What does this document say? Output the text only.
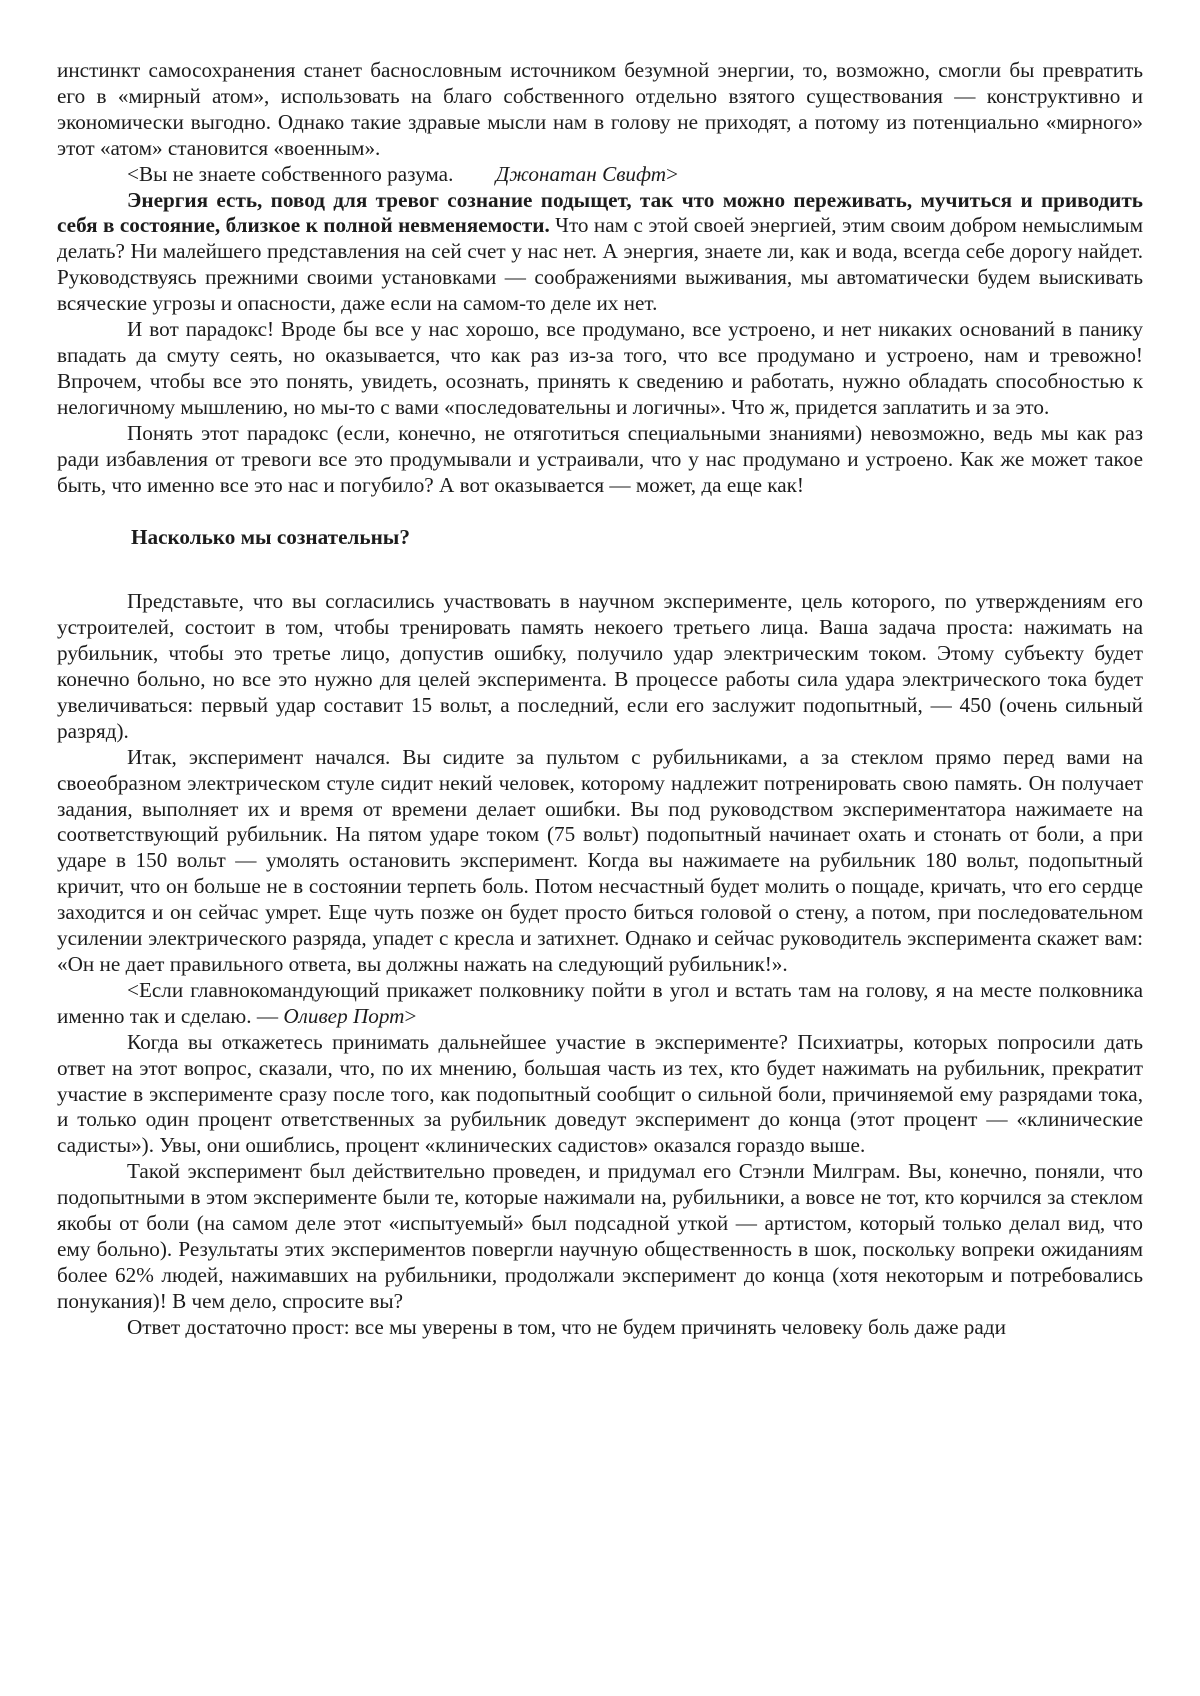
инстинкт самосохранения станет баснословным источником безумной энергии, то, возможно, смогли бы превратить его в «мирный атом», использовать на благо собственного отдельно взятого существования — конструктивно и экономически выгодно. Однако такие здравые мысли нам в голову не приходят, а потому из потенциально «мирного» этот «атом» становится «военным».

<Вы не знаете собственного разума. Джонатан Свифт>

Энергия есть, повод для тревог сознание подыщет, так что можно переживать, мучиться и приводить себя в состояние, близкое к полной невменяемости. Что нам с этой своей энергией, этим своим добром немыслимым делать? Ни малейшего представления на сей счет у нас нет. А энергия, знаете ли, как и вода, всегда себе дорогу найдет. Руководствуясь прежними своими установками — соображениями выживания, мы автоматически будем выискивать всяческие угрозы и опасности, даже если на самом-то деле их нет.

И вот парадокс! Вроде бы все у нас хорошо, все продумано, все устроено, и нет никаких оснований в панику впадать да смуту сеять, но оказывается, что как раз из-за того, что все продумано и устроено, нам и тревожно! Впрочем, чтобы все это понять, увидеть, осознать, принять к сведению и работать, нужно обладать способностью к нелогичному мышлению, но мы-то с вами «последовательны и логичны». Что ж, придется заплатить и за это.

Понять этот парадокс (если, конечно, не отяготиться специальными знаниями) невозможно, ведь мы как раз ради избавления от тревоги все это продумывали и устраивали, что у нас продумано и устроено. Как же может такое быть, что именно все это нас и погубило? А вот оказывается — может, да еще как!

Насколько мы сознательны?

Представьте, что вы согласились участвовать в научном эксперименте, цель которого, по утверждениям его устроителей, состоит в том, чтобы тренировать память некоего третьего лица. Ваша задача проста: нажимать на рубильник, чтобы это третье лицо, допустив ошибку, получило удар электрическим током. Этому субъекту будет конечно больно, но все это нужно для целей эксперимента. В процессе работы сила удара электрического тока будет увеличиваться: первый удар составит 15 вольт, а последний, если его заслужит подопытный, — 450 (очень сильный разряд).

Итак, эксперимент начался. Вы сидите за пультом с рубильниками, а за стеклом прямо перед вами на своеобразном электрическом стуле сидит некий человек, которому надлежит потренировать свою память. Он получает задания, выполняет их и время от времени делает ошибки. Вы под руководством экспериментатора нажимаете на соответствующий рубильник. На пятом ударе током (75 вольт) подопытный начинает охать и стонать от боли, а при ударе в 150 вольт — умолять остановить эксперимент. Когда вы нажимаете на рубильник 180 вольт, подопытный кричит, что он больше не в состоянии терпеть боль. Потом несчастный будет молить о пощаде, кричать, что его сердце заходится и он сейчас умрет. Еще чуть позже он будет просто биться головой о стену, а потом, при последовательном усилении электрического разряда, упадет с кресла и затихнет. Однако и сейчас руководитель эксперимента скажет вам: «Он не дает правильного ответа, вы должны нажать на следующий рубильник!».

<Если главнокомандующий прикажет полковнику пойти в угол и встать там на голову, я на месте полковника именно так и сделаю. — Оливер Порт>

Когда вы откажетесь принимать дальнейшее участие в эксперименте? Психиатры, которых попросили дать ответ на этот вопрос, сказали, что, по их мнению, большая часть из тех, кто будет нажимать на рубильник, прекратит участие в эксперименте сразу после того, как подопытный сообщит о сильной боли, причиняемой ему разрядами тока, и только один процент ответственных за рубильник доведут эксперимент до конца (этот процент — «клинические садисты»). Увы, они ошиблись, процент «клинических садистов» оказался гораздо выше.

Такой эксперимент был действительно проведен, и придумал его Стэнли Милграм. Вы, конечно, поняли, что подопытными в этом эксперименте были те, которые нажимали на, рубильники, а вовсе не тот, кто корчился за стеклом якобы от боли (на самом деле этот «испытуемый» был подсадной уткой — артистом, который только делал вид, что ему больно). Результаты этих экспериментов повергли научную общественность в шок, поскольку вопреки ожиданиям более 62% людей, нажимавших на рубильники, продолжали эксперимент до конца (хотя некоторым и потребовались понукания)! В чем дело, спросите вы?

Ответ достаточно прост: все мы уверены в том, что не будем причинять человеку боль даже ради
